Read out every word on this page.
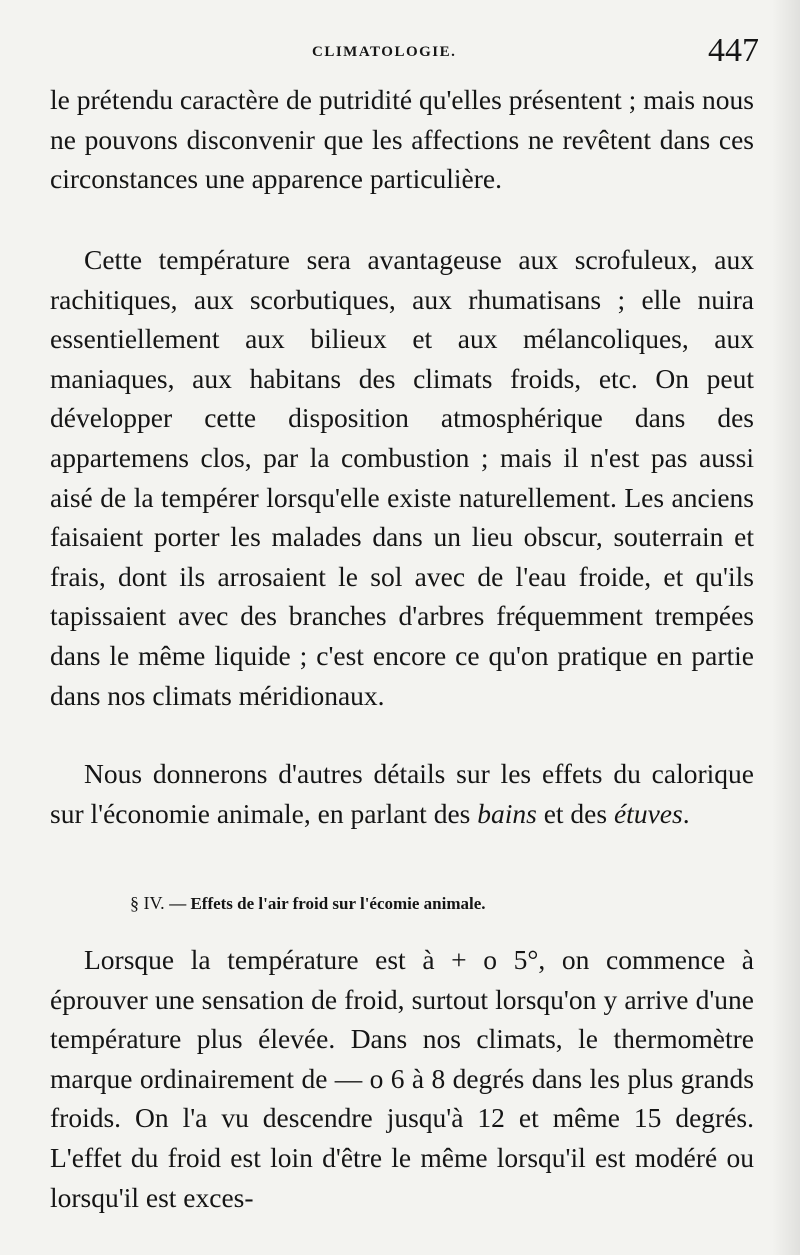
CLIMATOLOGIE.	447

le prétendu caractère de putridité qu'elles présentent ; mais nous ne pouvons disconvenir que les affections ne revêtent dans ces circonstances une apparence particulière.

Cette température sera avantageuse aux scrofuleux, aux rachitiques, aux scorbutiques, aux rhumatisans ; elle nuira essentiellement aux bilieux et aux mélancoliques, aux maniaques, aux habitans des climats froids, etc. On peut développer cette disposition atmosphérique dans des appartemens clos, par la combustion ; mais il n'est pas aussi aisé de la tempérer lorsqu'elle existe naturellement. Les anciens faisaient porter les malades dans un lieu obscur, souterrain et frais, dont ils arrosaient le sol avec de l'eau froide, et qu'ils tapissaient avec des branches d'arbres fréquemment trempées dans le même liquide ; c'est encore ce qu'on pratique en partie dans nos climats méridionaux.

Nous donnerons d'autres détails sur les effets du calorique sur l'économie animale, en parlant des bains et des étuves.

§ IV. — Effets de l'air froid sur l'écomie animale.

Lorsque la température est à + o 5°, on commence à éprouver une sensation de froid, surtout lorsqu'on y arrive d'une température plus élevée. Dans nos climats, le thermomètre marque ordinairement de — o 6 à 8 degrés dans les plus grands froids. On l'a vu descendre jusqu'à 12 et même 15 degrés. L'effet du froid est loin d'être le même lorsqu'il est modéré ou lorsqu'il est exces-
